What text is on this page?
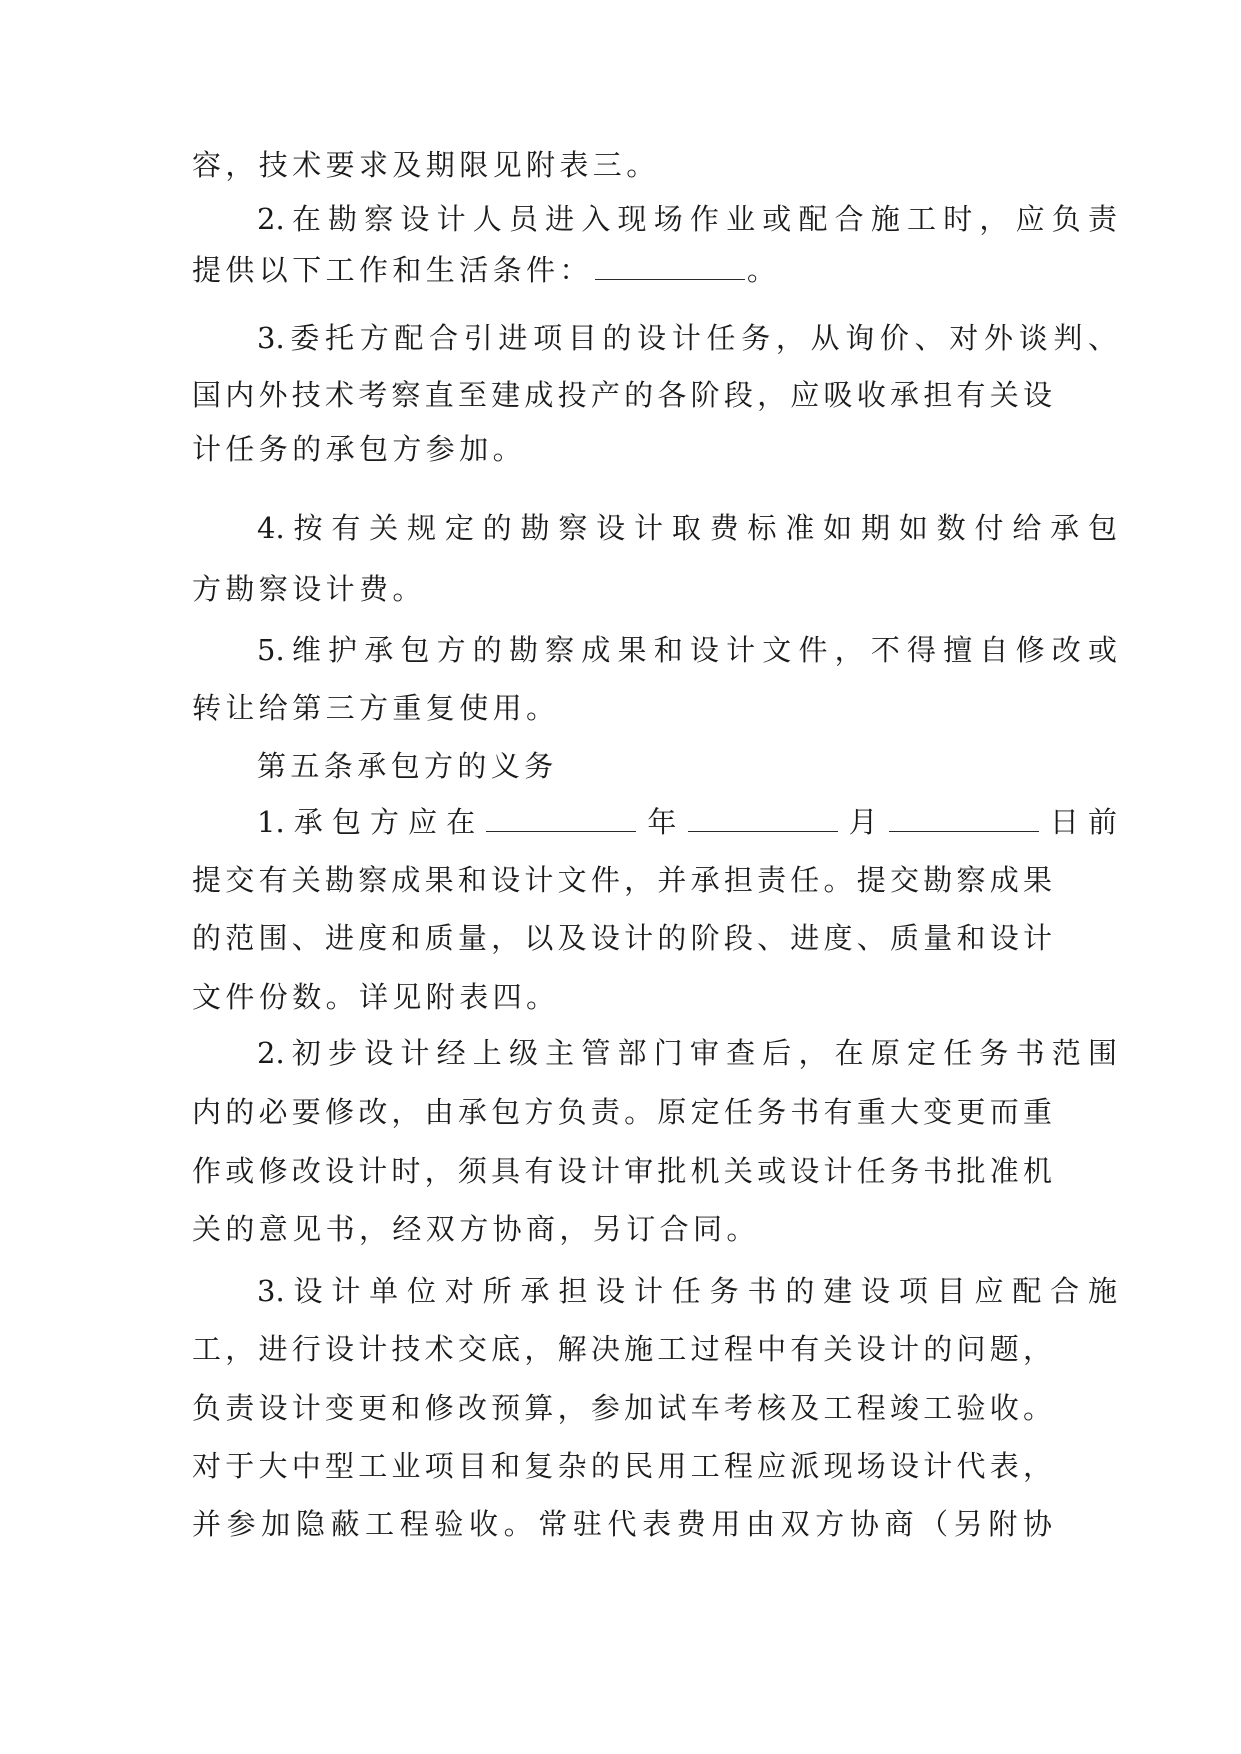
容，技术要求及期限见附表三。
2.在勘察设计人员进入现场作业或配合施工时，应负责
提供以下工作和生活条件：	。
3.委托方配合引进项目的设计任务，从询价、对外谈判、
国内外技术考察直至建成投产的各阶段，应吸收承担有关设
计任务的承包方参加。
4.按有关规定的勘察设计取费标准如期如数付给承包
方勘察设计费。
5.维护承包方的勘察成果和设计文件，不得擅自修改或
转让给第三方重复使用。
第五条承包方的义务
1.承包方应在	年	月	日前
提交有关勘察成果和设计文件，并承担责任。提交勘察成果
的范围、进度和质量，以及设计的阶段、进度、质量和设计
文件份数。详见附表四。
2.初步设计经上级主管部门审查后，在原定任务书范围
内的必要修改，由承包方负责。原定任务书有重大变更而重
作或修改设计时，须具有设计审批机关或设计任务书批准机
关的意见书，经双方协商，另订合同。
3.设计单位对所承担设计任务书的建设项目应配合施
工，进行设计技术交底，解决施工过程中有关设计的问题，
负责设计变更和修改预算，参加试车考核及工程竣工验收。
对于大中型工业项目和复杂的民用工程应派现场设计代表，
并参加隐蔽工程验收。常驻代表费用由双方协商（另附协
